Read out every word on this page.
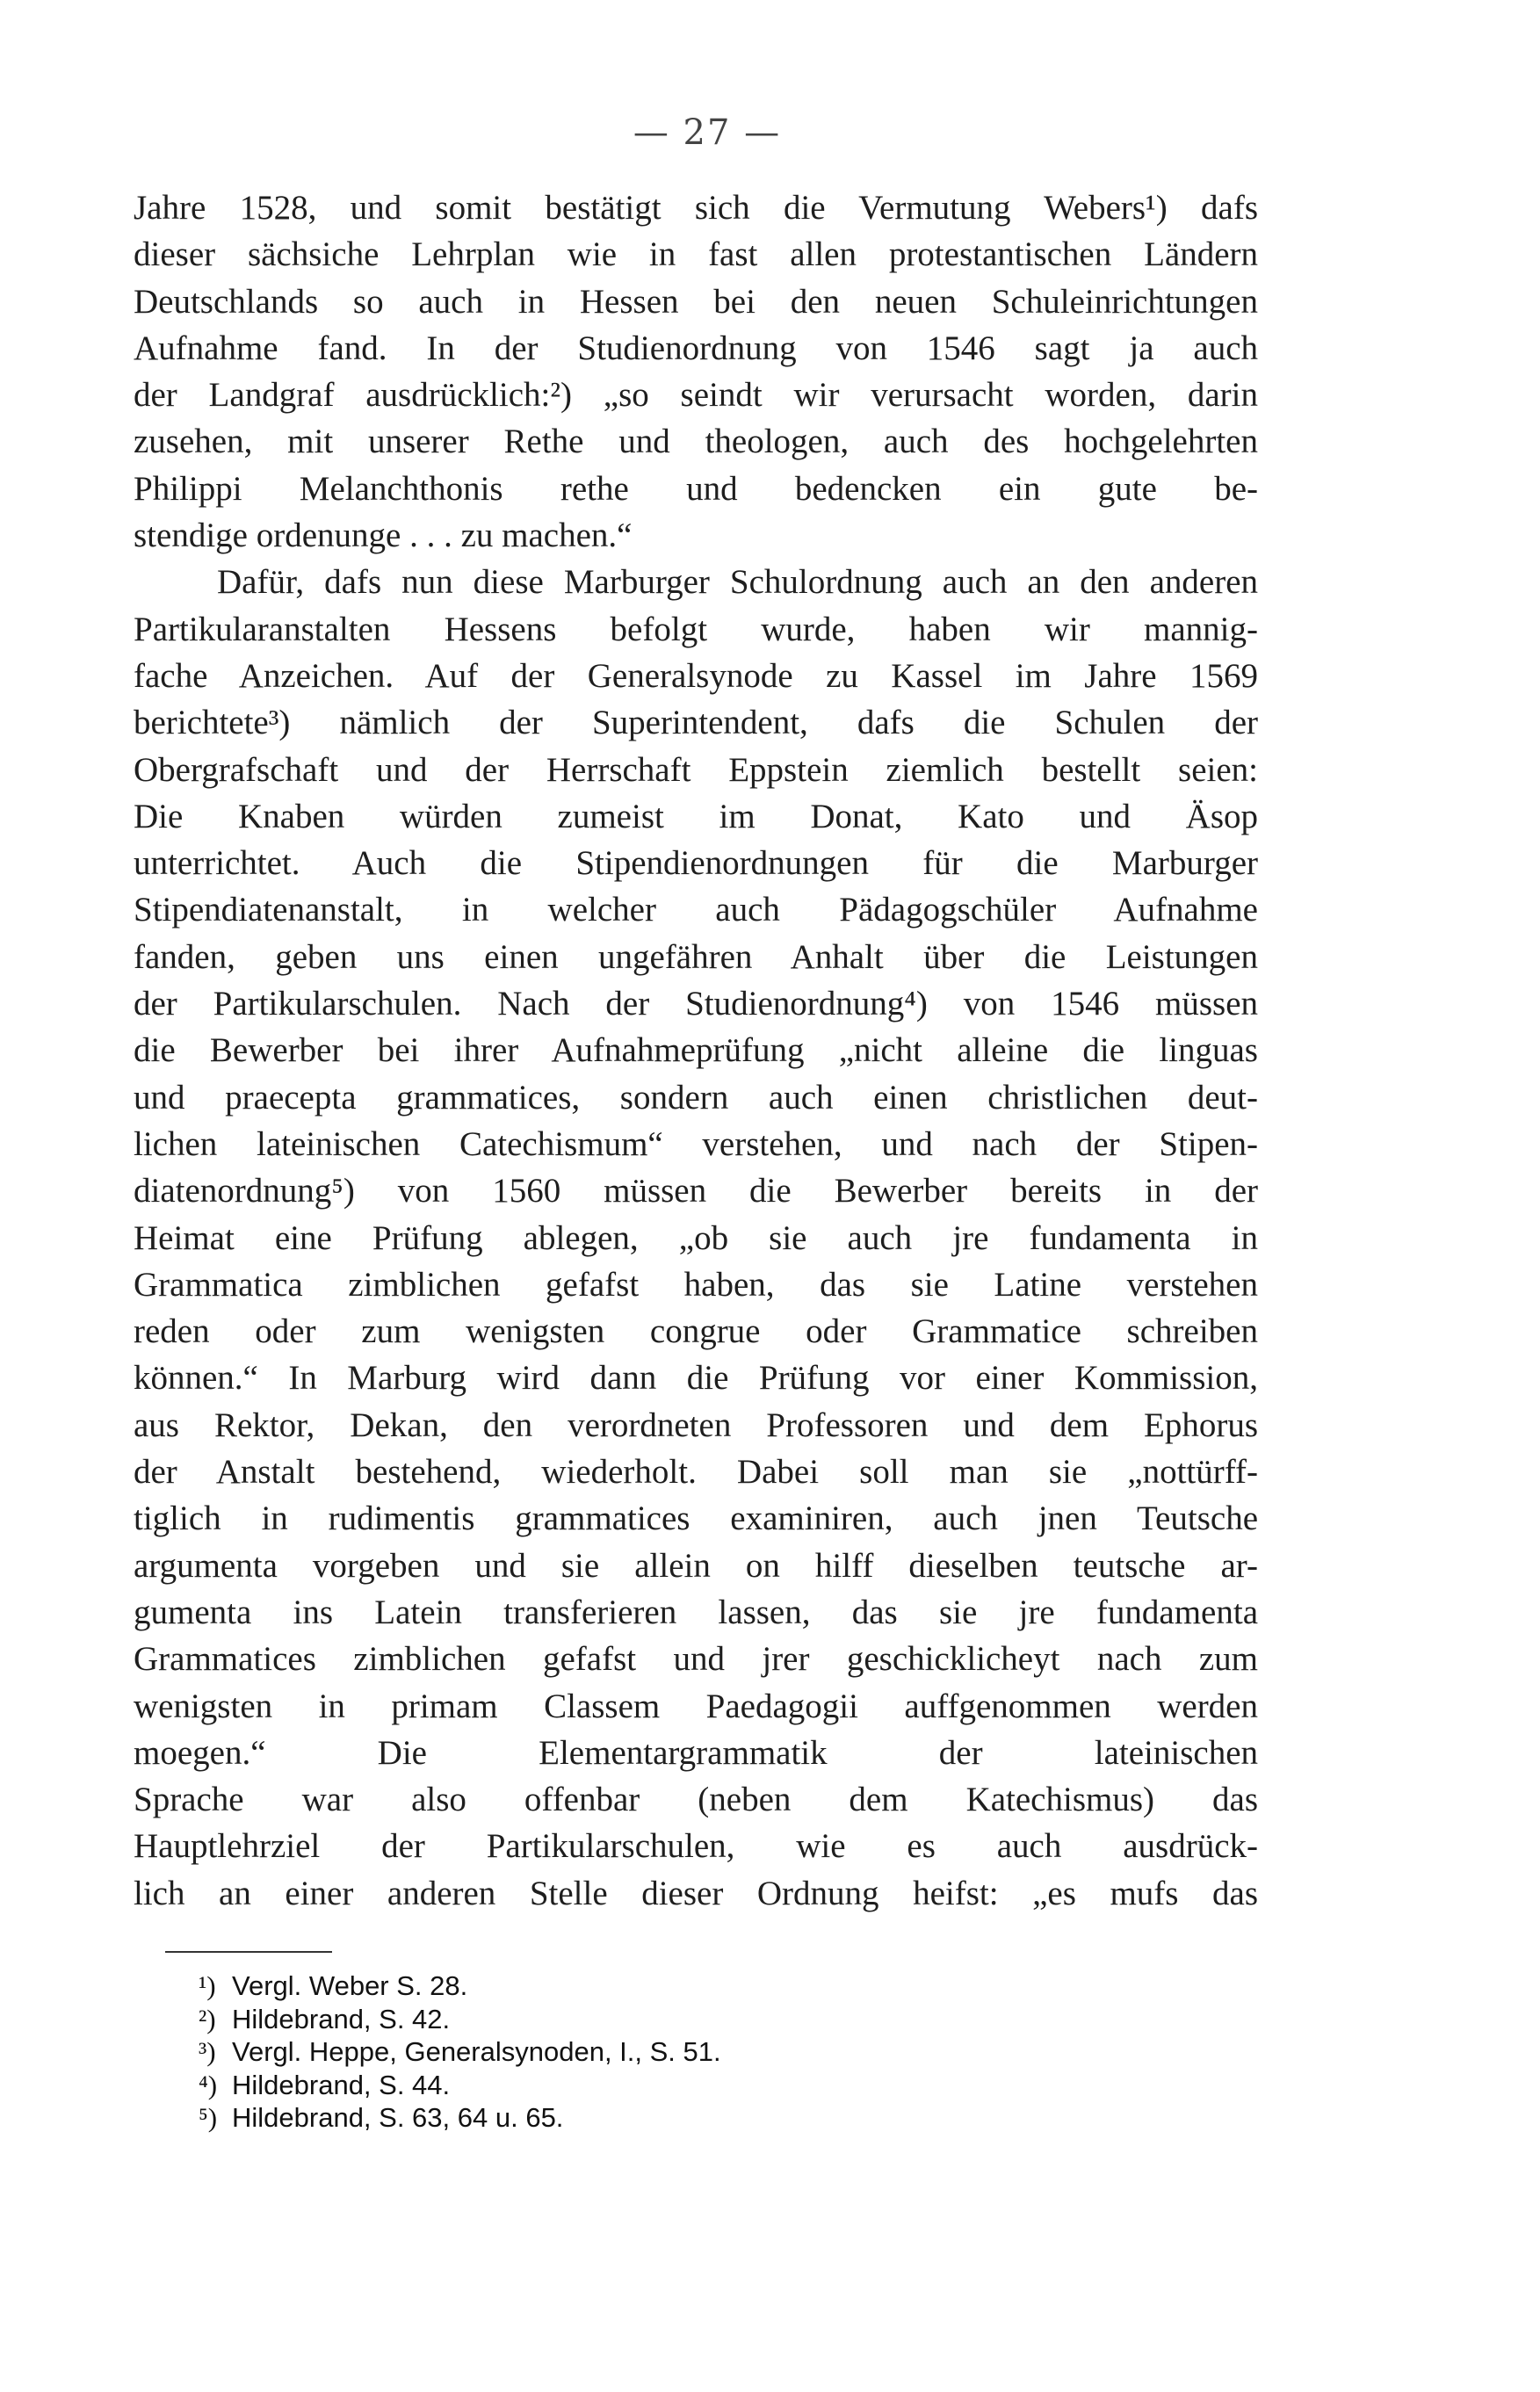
— 27 —
Jahre 1528, und somit bestätigt sich die Vermutung Webers¹) dafs
dieser sächsiche Lehrplan wie in fast allen protestantischen Ländern
Deutschlands so auch in Hessen bei den neuen Schuleinrichtungen
Aufnahme fand. In der Studienordnung von 1546 sagt ja auch
der Landgraf ausdrücklich:²) „so seindt wir verursacht worden, darin
zusehen, mit unserer Rethe und theologen, auch des hochgelehrten
Philippi Melanchthonis rethe und bedencken ein gute be-
stendige ordenunge . . . zu machen.“
Dafür, dafs nun diese Marburger Schulordnung auch an den anderen
Partikularanstalten Hessens befolgt wurde, haben wir mannig-
fache Anzeichen. Auf der Generalsynode zu Kassel im Jahre 1569
berichtete³) nämlich der Superintendent, dafs die Schulen der
Obergrafschaft und der Herrschaft Eppstein ziemlich bestellt seien:
Die Knaben würden zumeist im Donat, Kato und Äsop
unterrichtet. Auch die Stipendienordnungen für die Marburger
Stipendiatenanstalt, in welcher auch Pädagogschüler Aufnahme
fanden, geben uns einen ungefähren Anhalt über die Leistungen
der Partikularschulen. Nach der Studienordnung⁴) von 1546 müssen
die Bewerber bei ihrer Aufnahmeprüfung „nicht alleine die linguas
und praecepta grammatices, sondern auch einen christlichen deut-
lichen lateinischen Catechismum“ verstehen, und nach der Stipen-
diatenordnung⁵) von 1560 müssen die Bewerber bereits in der
Heimat eine Prüfung ablegen, „ob sie auch jre fundamenta in
Grammatica zimblichen gefafst haben, das sie Latine verstehen
reden oder zum wenigsten congrue oder Grammatice schreiben
können.“ In Marburg wird dann die Prüfung vor einer Kommission,
aus Rektor, Dekan, den verordneten Professoren und dem Ephorus
der Anstalt bestehend, wiederholt. Dabei soll man sie „nottürff-
tiglich in rudimentis grammatices examiniren, auch jnen Teutsche
argumenta vorgeben und sie allein on hilff dieselben teutsche ar-
gumenta ins Latein transferieren lassen, das sie jre fundamenta
Grammatices zimblichen gefafst und jrer geschicklicheyt nach zum
wenigsten in primam Classem Paedagogii auffgenommen werden
moegen.“ Die Elementargrammatik der lateinischen
Sprache war also offenbar (neben dem Katechismus) das
Hauptlehrziel der Partikularschulen, wie es auch ausdrück-
lich an einer anderen Stelle dieser Ordnung heifst: „es mufs das
¹) Vergl. Weber S. 28.
²) Hildebrand, S. 42.
³) Vergl. Heppe, Generalsynoden, I., S. 51.
⁴) Hildebrand, S. 44.
⁵) Hildebrand, S. 63, 64 u. 65.
